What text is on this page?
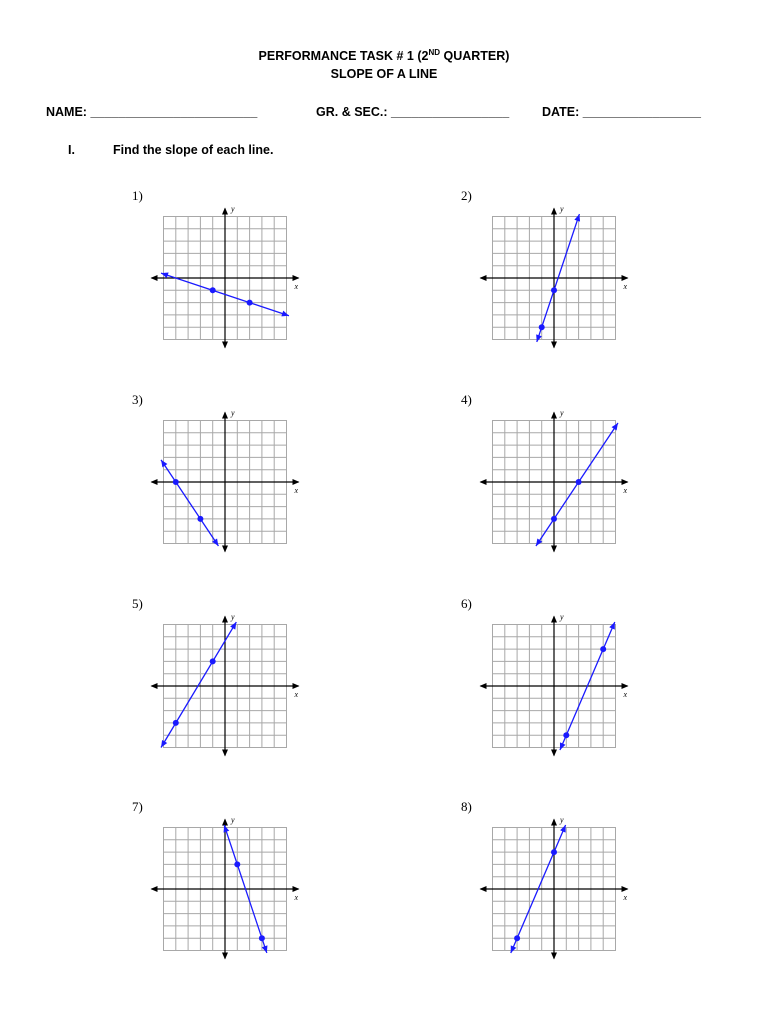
PERFORMANCE TASK # 1 (2ND QUARTER)
SLOPE OF A LINE
NAME: ________________________	GR. & SEC.: _________________	DATE: _________________
I.	Find the slope of each line.
1)
x
y
2)
x
y
3)
x
y
4)
x
y
5)
x
y
6)
x
y
7)
x
y
8)
x
y
